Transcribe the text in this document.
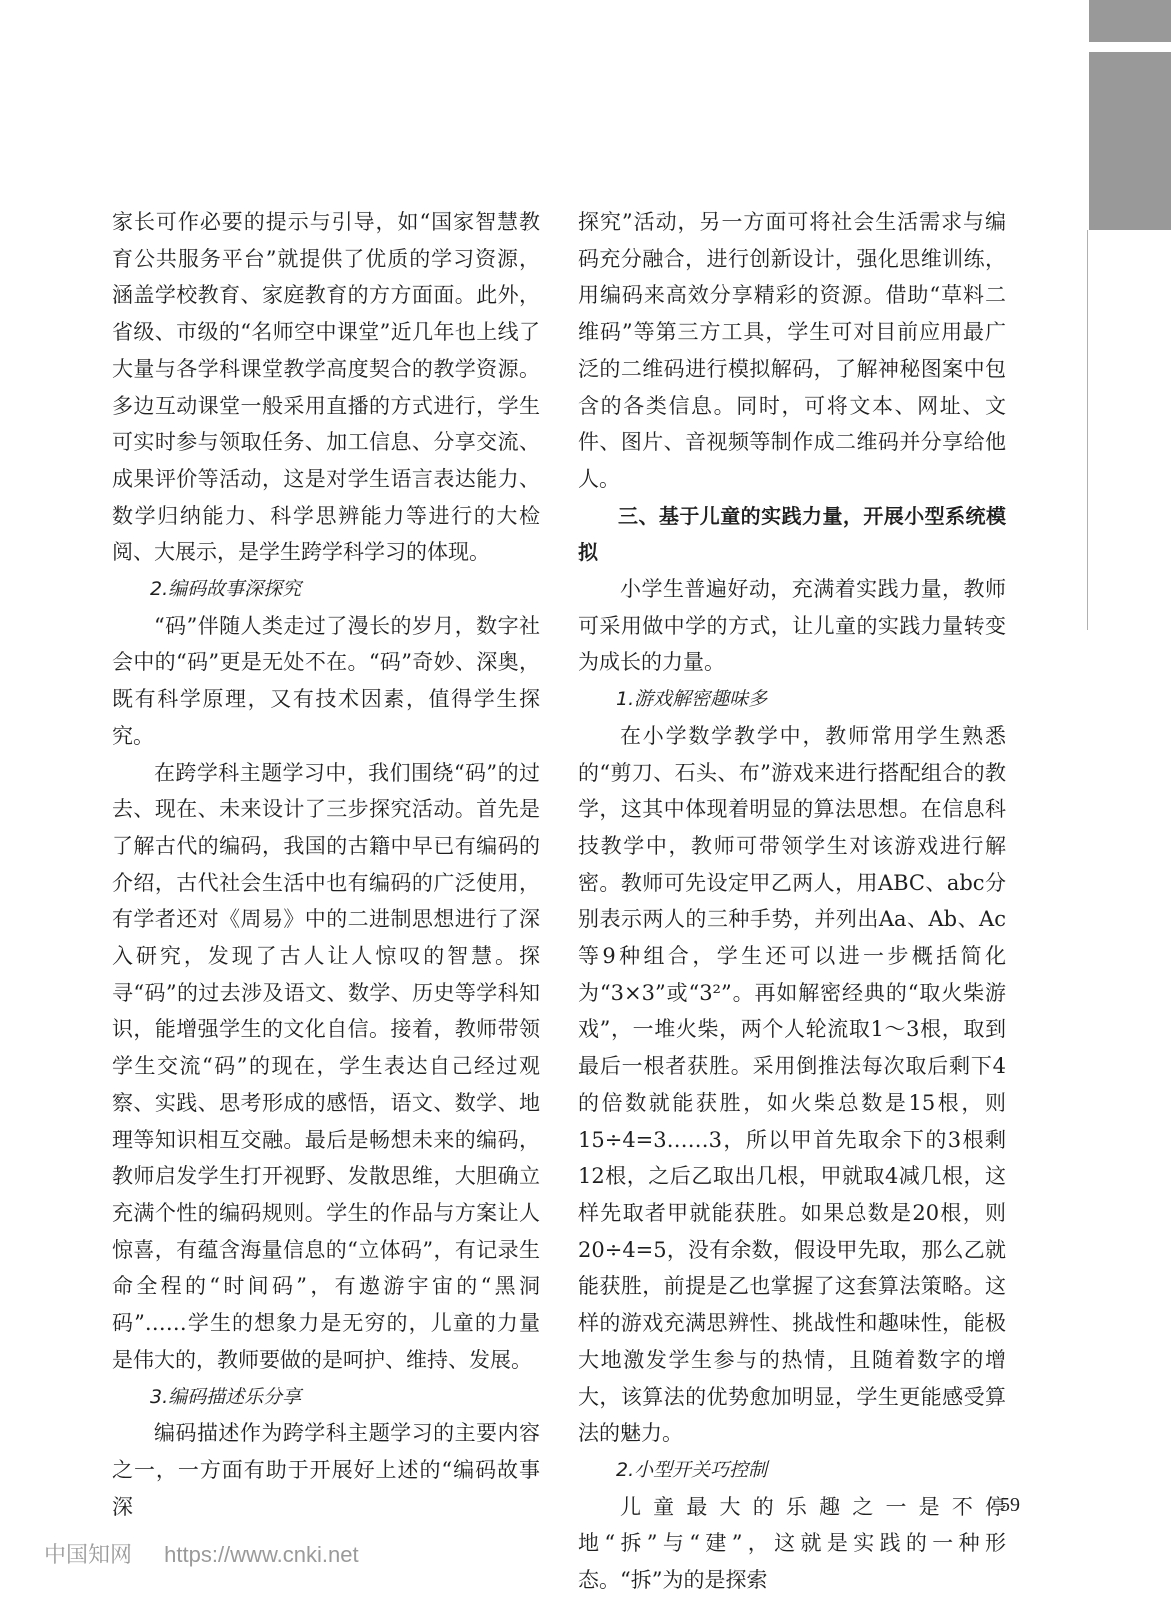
家长可作必要的提示与引导，如“国家智慧教育公共服务平台”就提供了优质的学习资源，涵盖学校教育、家庭教育的方方面面。此外，省级、市级的“名师空中课堂”近几年也上线了大量与各学科课堂教学高度契合的教学资源。多边互动课堂一般采用直播的方式进行，学生可实时参与领取任务、加工信息、分享交流、成果评价等活动，这是对学生语言表达能力、数学归纳能力、科学思辨能力等进行的大检阅、大展示，是学生跨学科学习的体现。

2.编码故事深探究

“码”伴随人类走过了漫长的岁月，数字社会中的“码”更是无处不在。“码”奇妙、深奥，既有科学原理，又有技术因素，值得学生探究。

在跨学科主题学习中，我们围绕“码”的过去、现在、未来设计了三步探究活动。首先是了解古代的编码，我国的古籍中早已有编码的介绍，古代社会生活中也有编码的广泛使用，有学者还对《周易》中的二进制思想进行了深入研究，发现了古人让人惊叹的智慧。探寻“码”的过去涉及语文、数学、历史等学科知识，能增强学生的文化自信。接着，教师带领学生交流“码”的现在，学生表达自己经过观察、实践、思考形成的感悟，语文、数学、地理等知识相互交融。最后是畅想未来的编码，教师启发学生打开视野、发散思维，大胆确立充满个性的编码规则。学生的作品与方案让人惊喜，有蕴含海量信息的“立体码”，有记录生命全程的“时间码”，有遨游宇宙的“黑洞码”……学生的想象力是无穷的，儿童的力量是伟大的，教师要做的是呵护、维持、发展。

3.编码描述乐分享

编码描述作为跨学科主题学习的主要内容之一，一方面有助于开展好上述的“编码故事深

探究”活动，另一方面可将社会生活需求与编码充分融合，进行创新设计，强化思维训练，用编码来高效分享精彩的资源。借助“草料二维码”等第三方工具，学生可对目前应用最广泛的二维码进行模拟解码，了解神秘图案中包含的各类信息。同时，可将文本、网址、文件、图片、音视频等制作成二维码并分享给他人。

三、基于儿童的实践力量，开展小型系统模拟

小学生普遍好动，充满着实践力量，教师可采用做中学的方式，让儿童的实践力量转变为成长的力量。

1.游戏解密趣味多

在小学数学教学中，教师常用学生熟悉的“剪刀、石头、布”游戏来进行搭配组合的教学，这其中体现着明显的算法思想。在信息科技教学中，教师可带领学生对该游戏进行解密。教师可先设定甲乙两人，用ABC、abc分别表示两人的三种手势，并列出Aa、Ab、Ac等9种组合，学生还可以进一步概括简化为“3×3”或“3²”。再如解密经典的“取火柴游戏”，一堆火柴，两个人轮流取1～3根，取到最后一根者获胜。采用倒推法每次取后剩下4的倍数就能获胜，如火柴总数是15根，则15÷4=3……3，所以甲首先取余下的3根剩12根，之后乙取出几根，甲就取4减几根，这样先取者甲就能获胜。如果总数是20根，则20÷4=5，没有余数，假设甲先取，那么乙就能获胜，前提是乙也掌握了这套算法策略。这样的游戏充满思辨性、挑战性和趣味性，能极大地激发学生参与的热情，且随着数字的增大，该算法的优势愈加明显，学生更能感受算法的魅力。

2.小型开关巧控制

儿童最大的乐趣之一是不停地“拆”与“建”，这就是实践的一种形态。“拆”为的是探索

59
中国知网 https://www.cnki.net
